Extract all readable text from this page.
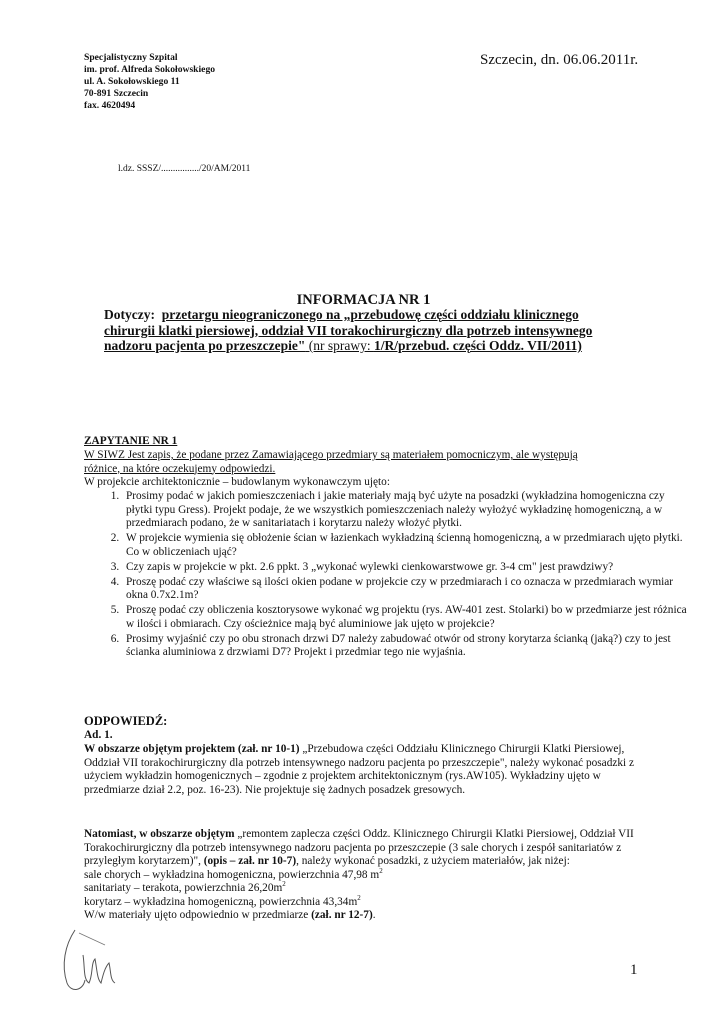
Specjalistyczny Szpital
im. prof. Alfreda Sokołowskiego
ul. A. Sokołowskiego 11
70-891 Szczecin
fax. 4620494
Szczecin, dn. 06.06.2011r.
l.dz. SSSZ/................/20/AM/2011
INFORMACJA NR 1
Dotyczy: przetargu nieograniczonego na „przebudowę części oddziału klinicznego
chirurgii klatki piersiowej, oddział VII torakochirurgiczny dla potrzeb intensywnego
nadzoru pacjenta po przeszczepie" (nr sprawy: 1/R/przebud. części Oddz. VII/2011)
ZAPYTANIE NR 1
W SIWZ Jest zapis, że podane przez Zamawiającego przedmiary są materiałem pomocniczym, ale występują
różnice, na które oczekujemy odpowiedzi.
W projekcie architektonicznie – budowlanym wykonawczym ujęto:
1. Prosimy podać w jakich pomieszczeniach i jakie materiały mają być użyte na posadzki (wykładzina homogeniczna czy płytki typu Gress). Projekt podaje, że we wszystkich pomieszczeniach należy wyłożyć wykładzinę homogeniczną, a w przedmiarach podano, że w sanitariatach i korytarzu należy włożyć płytki.
2. W projekcie wymienia się obłożenie ścian w łazienkach wykładziną ścienną homogeniczną, a w przedmiarach ujęto płytki. Co w obliczeniach ująć?
3. Czy zapis w projekcie w pkt. 2.6 ppkt. 3 „wykonać wylewki cienkowarstwowe gr. 3-4 cm" jest prawdziwy?
4. Proszę podać czy właściwe są ilości okien podane w projekcie czy w przedmiarach i co oznacza w przedmiarach wymiar okna 0.7x2.1m?
5. Proszę podać czy obliczenia kosztorysowe wykonać wg projektu (rys. AW-401 zest. Stolarki) bo w przedmiarze jest różnica w ilości i obmiarach. Czy ościeżnice mają być aluminiowe jak ujęto w projekcie?
6. Prosimy wyjaśnić czy po obu stronach drzwi D7 należy zabudować otwór od strony korytarza ścianką (jaką?) czy to jest ścianka aluminiowa z drzwiami D7? Projekt i przedmiar tego nie wyjaśnia.
ODPOWIEDŹ:
Ad. 1.
W obszarze objętym projektem (zał. nr 10-1) „Przebudowa części Oddziału Klinicznego Chirurgii Klatki Piersiowej, Oddział VII torakochirurgiczny dla potrzeb intensywnego nadzoru pacjenta po przeszczepie", należy wykonać posadzki z użyciem wykładzin homogenicznych – zgodnie z projektem architektonicznym (rys.AW105). Wykładziny ujęto w przedmiarze dział 2.2, poz. 16-23). Nie projektuje się żadnych posadzek gresowych.
Natomiast, w obszarze objętym „remontem zaplecza części Oddz. Klinicznego Chirurgii Klatki Piersiowej, Oddział VII Torakochirurgiczny dla potrzeb intensywnego nadzoru pacjenta po przeszczepie (3 sale chorych i zespół sanitariatów z przyległym korytarzem)", (opis – zał. nr 10-7), należy wykonać posadzki, z użyciem materiałów, jak niżej:
sale chorych – wykładzina homogeniczna, powierzchnia 47,98 $m^2$
sanitariaty – terakota, powierzchnia $26,20m^2$
korytarz – wykładzina homogeniczną, powierzchnia $43,34m^2$
W/w materiały ujęto odpowiednio w przedmiarze (zał. nr 12-7).
1
